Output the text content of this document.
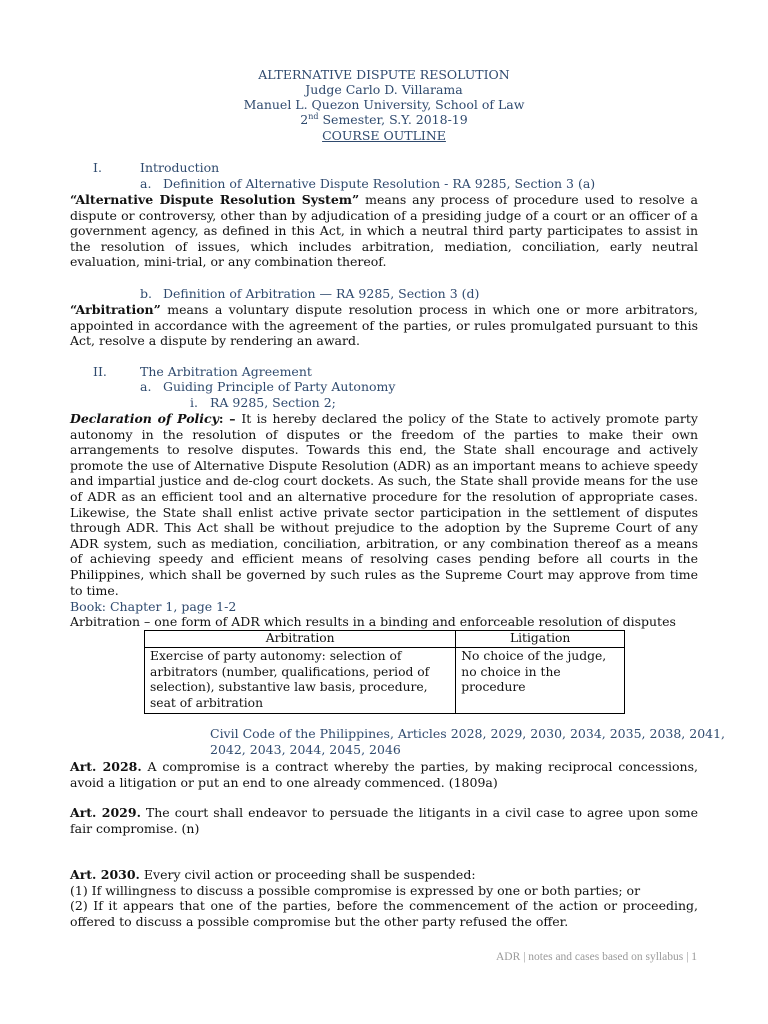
ALTERNATIVE DISPUTE RESOLUTION
Judge Carlo D. Villarama
Manuel L. Quezon University, School of Law
2nd Semester, S.Y. 2018-19
COURSE OUTLINE
I.	Introduction
a. Definition of Alternative Dispute Resolution - RA 9285, Section 3 (a)
“Alternative Dispute Resolution System” means any process of procedure used to resolve a dispute or controversy, other than by adjudication of a presiding judge of a court or an officer of a government agency, as defined in this Act, in which a neutral third party participates to assist in the resolution of issues, which includes arbitration, mediation, conciliation, early neutral evaluation, mini-trial, or any combination thereof.
b. Definition of Arbitration — RA 9285, Section 3 (d)
“Arbitration” means a voluntary dispute resolution process in which one or more arbitrators, appointed in accordance with the agreement of the parties, or rules promulgated pursuant to this Act, resolve a dispute by rendering an award.
II.	The Arbitration Agreement
a. Guiding Principle of Party Autonomy
i. RA 9285, Section 2;
Declaration of Policy: – It is hereby declared the policy of the State to actively promote party autonomy in the resolution of disputes or the freedom of the parties to make their own arrangements to resolve disputes. Towards this end, the State shall encourage and actively promote the use of Alternative Dispute Resolution (ADR) as an important means to achieve speedy and impartial justice and de-clog court dockets. As such, the State shall provide means for the use of ADR as an efficient tool and an alternative procedure for the resolution of appropriate cases. Likewise, the State shall enlist active private sector participation in the settlement of disputes through ADR. This Act shall be without prejudice to the adoption by the Supreme Court of any ADR system, such as mediation, conciliation, arbitration, or any combination thereof as a means of achieving speedy and efficient means of resolving cases pending before all courts in the Philippines, which shall be governed by such rules as the Supreme Court may approve from time to time.
Book: Chapter 1, page 1-2
Arbitration – one form of ADR which results in a binding and enforceable resolution of disputes
Arbitration	Litigation
Exercise of party autonomy: selection of arbitrators (number, qualifications, period of selection), substantive law basis, procedure, seat of arbitration	No choice of the judge, no choice in the procedure
Civil Code of the Philippines, Articles 2028, 2029, 2030, 2034, 2035, 2038, 2041,
2042, 2043, 2044, 2045, 2046
Art. 2028. A compromise is a contract whereby the parties, by making reciprocal concessions, avoid a litigation or put an end to one already commenced. (1809a)
Art. 2029. The court shall endeavor to persuade the litigants in a civil case to agree upon some fair compromise. (n)
Art. 2030. Every civil action or proceeding shall be suspended:
(1) If willingness to discuss a possible compromise is expressed by one or both parties; or
(2) If it appears that one of the parties, before the commencement of the action or proceeding, offered to discuss a possible compromise but the other party refused the offer.
ADR | notes and cases based on syllabus | 1
